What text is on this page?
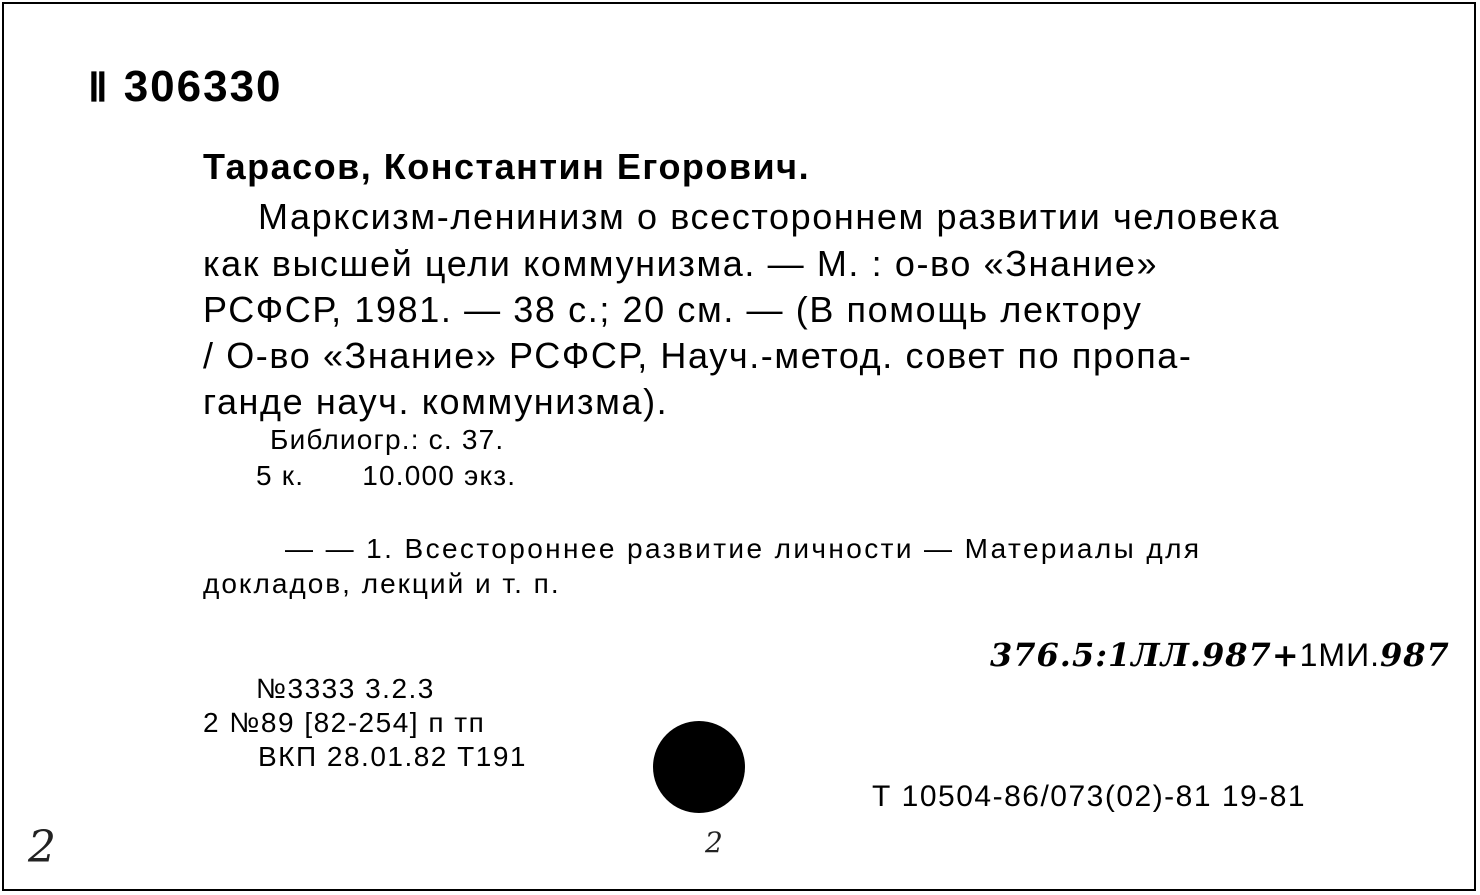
Ⅱ 306330
Тарасов, Константин Егорович.
Марксизм-ленинизм о всестороннем развитии человека
как высшей цели коммунизма. — М. : о-во «Знание»
РСФСР, 1981. — 38 с.; 20 см. — (В помощь лектору
/ О-во «Знание» РСФСР, Науч.-метод. совет по пропа-
ганде науч. коммунизма).
Библиогр.: с. 37.
5 к. 10.000 экз.
— — 1. Всестороннее развитие личности — Материалы для
докладов, лекций и т. п.
376.5:1ЛЛ.987+1МИ.987
№3333 3.2.3
2 №89 [82-254] п тп
ВКП 28.01.82 Т191
Т 10504-86/073(02)-81 19-81
2	2
